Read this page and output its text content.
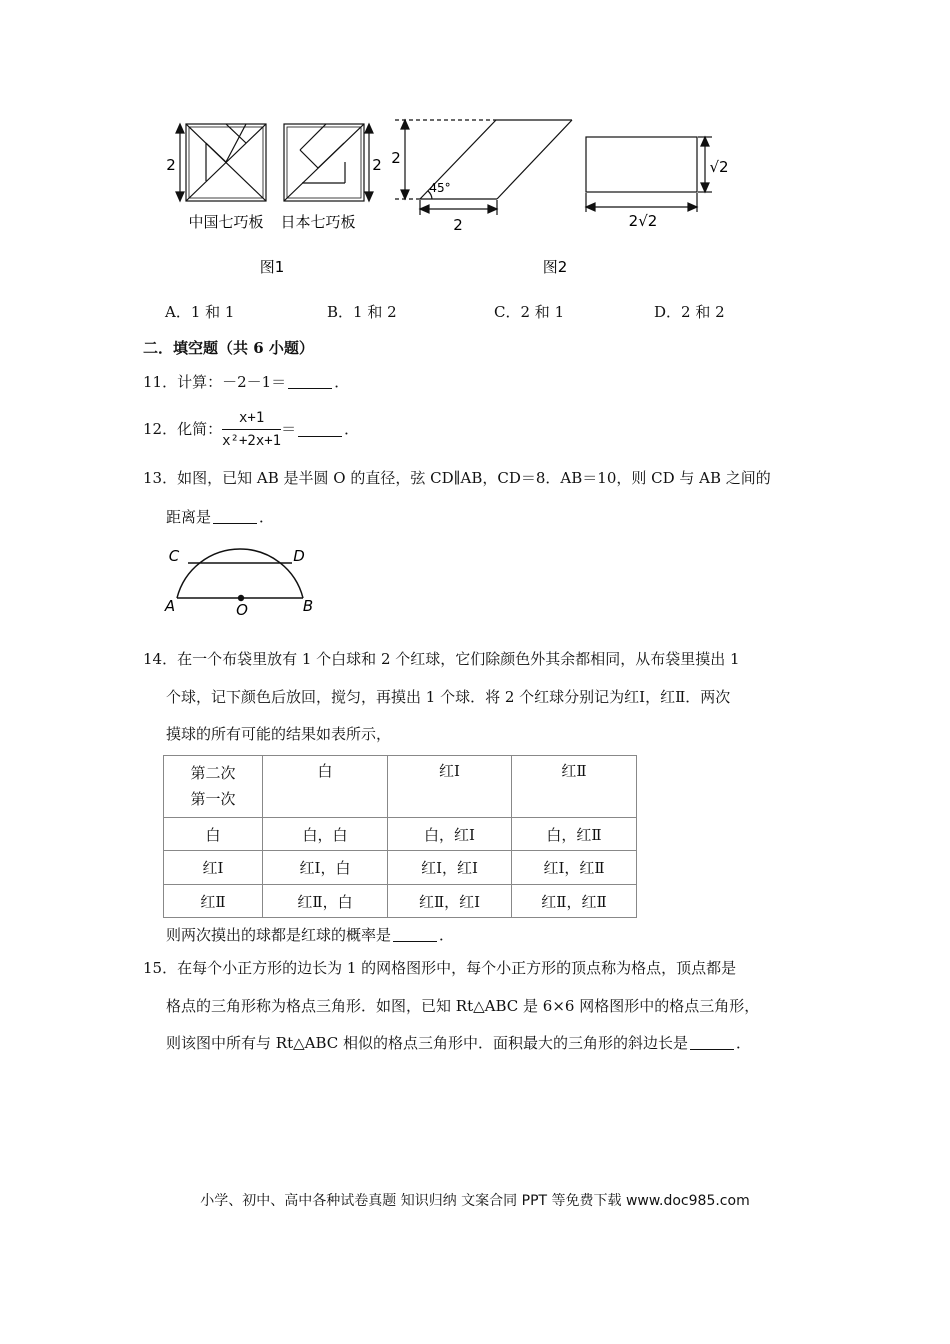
2	2
中国七巧板 日本七巧板
图1
2
45°
2
√2
2√2
图2
A．1 和 1	B．1 和 2	C．2 和 1	D．2 和 2
二．填空题（共 6 小题）
11．计算：－2－1＝	．
12． 化简： $\frac{x+1}{\text{x²+2x+1}}$ ＝	．
13．如图，已知 AB 是半圆 O 的直径，弦 CD∥AB，CD＝8．AB＝10，则 CD 与 AB 之间的
距离是	．
C	D
A	O	B
14．在一个布袋里放有 1 个白球和 2 个红球，它们除颜色外其余都相同，从布袋里摸出 1
个球，记下颜色后放回，搅匀，再摸出 1 个球．将 2 个红球分别记为红Ⅰ，红Ⅱ．两次
摸球的所有可能的结果如表所示，
第二次
第一次	白	红Ⅰ	红Ⅱ
白	白，白	白，红Ⅰ	白，红Ⅱ
红Ⅰ	红Ⅰ，白	红Ⅰ，红Ⅰ	红Ⅰ，红Ⅱ
红Ⅱ	红Ⅱ，白	红Ⅱ，红Ⅰ	红Ⅱ，红Ⅱ
则两次摸出的球都是红球的概率是	．
15．在每个小正方形的边长为 1 的网格图形中，每个小正方形的顶点称为格点，顶点都是
格点的三角形称为格点三角形．如图，已知 Rt△ABC 是 6×6 网格图形中的格点三角形，
则该图中所有与 Rt△ABC 相似的格点三角形中．面积最大的三角形的斜边长是	．
小学、初中、高中各种试卷真题 知识归纳 文案合同 PPT 等免费下载 www.doc985.com
